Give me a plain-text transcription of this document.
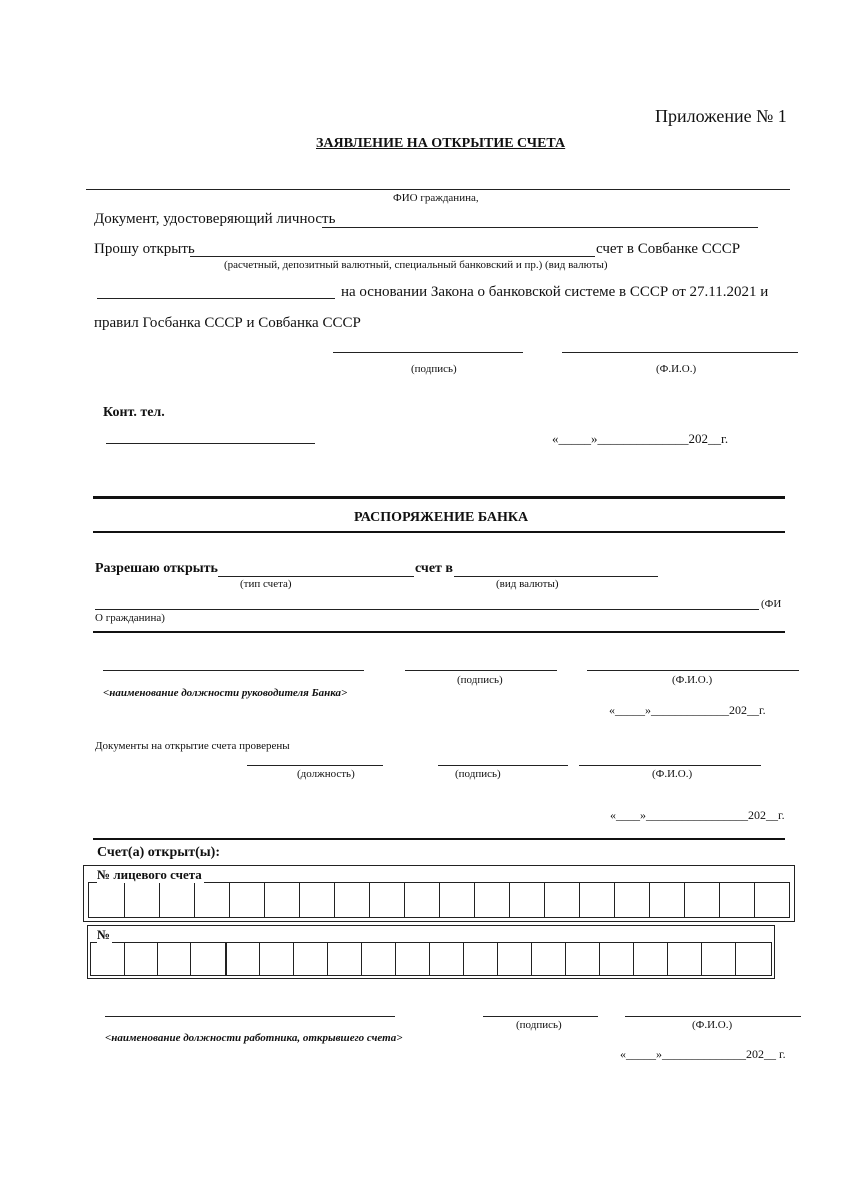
Приложение № 1
ЗАЯВЛЕНИЕ НА ОТКРЫТИЕ СЧЕТА
ФИО гражданина,
Документ, удостоверяющий личность
Прошу открыть	счет в Совбанке СССР
(расчетный, депозитный валютный, специальный банковский и пр.) (вид валюты)
на основании Закона о банковской системе в СССР от 27.11.2021 и
правил Госбанка СССР и Совбанка СССР
(подпись)	(Ф.И.О.)
Конт. тел.
«_____»______________202__г.
РАСПОРЯЖЕНИЕ БАНКА
Разрешаю открыть	счет в
(тип счета)	(вид валюты)
(ФИ
О гражданина)
(подпись)	(Ф.И.О.)
<наименование должности руководителя Банка>
«_____»_____________202__г.
Документы на открытие счета проверены
(должность)	(подпись)	(Ф.И.О.)
«____»_________________202__г.
Счет(а) открыт(ы):
№ лицевого счета
№
(подпись)	(Ф.И.О.)
<наименование должности работника, открывшего счета>
«_____»______________202__ г.
